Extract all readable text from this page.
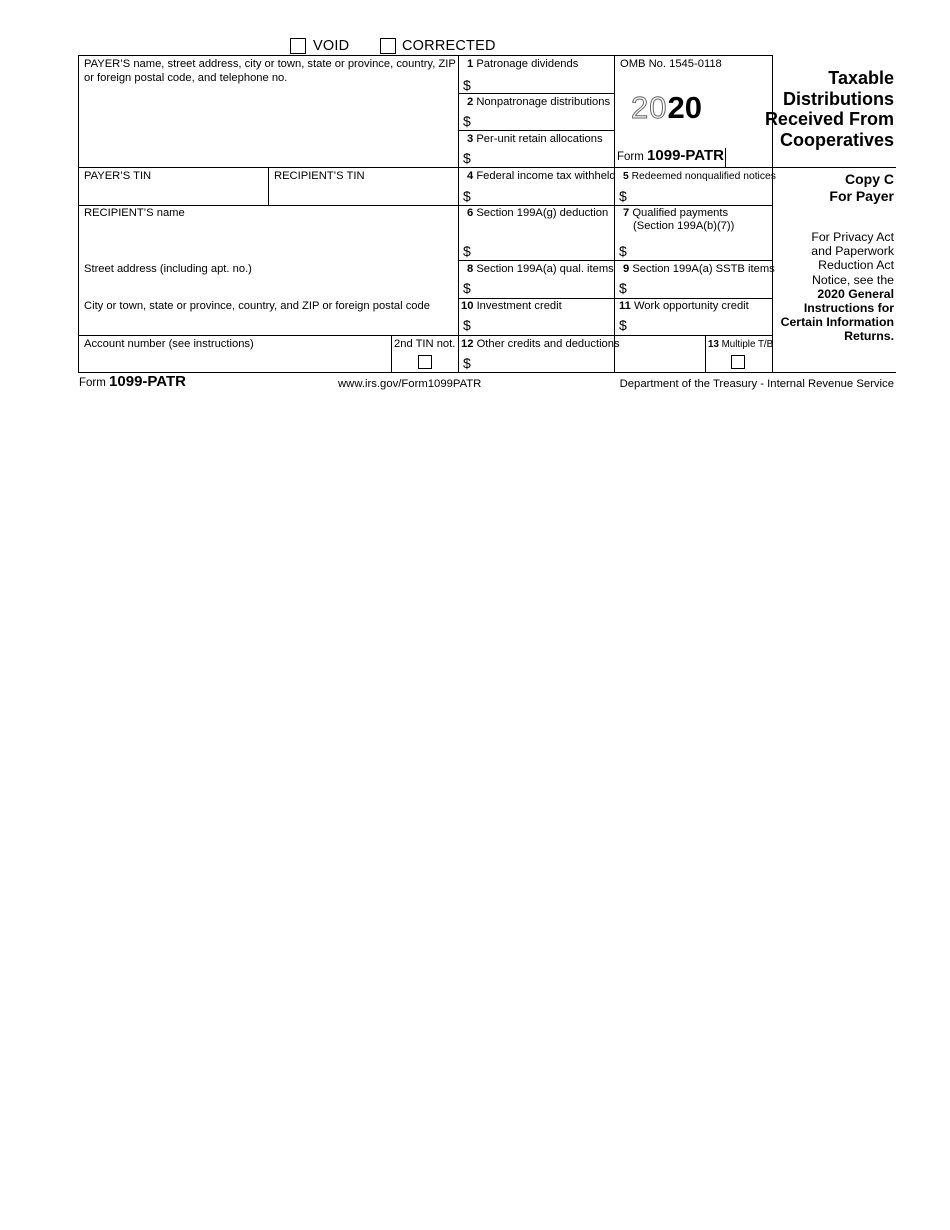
VOID	CORRECTED
PAYER’S name, street address, city or town, state or province, country, ZIP
or foreign postal code, and telephone no.
1 Patronage dividends
$
2 Nonpatronage distributions
$
3 Per-unit retain allocations
$
OMB No. 1545-0118
2020
Form 1099-PATR
Taxable
Distributions
Received From
Cooperatives
PAYER’S TIN	RECIPIENT’S TIN	4 Federal income tax withheld
$
5 Redeemed nonqualified notices
$
Copy C
For Payer
RECIPIENT’S name	6 Section 199A(g) deduction
$
7 Qualified payments
(Section 199A(b)(7))
$
For Privacy Act
and Paperwork
Reduction Act
Notice, see the
2020 General
Instructions for
Certain Information
Returns.
Street address (including apt. no.)	8 Section 199A(a) qual. items
$
9 Section 199A(a) SSTB items
$
City or town, state or province, country, and ZIP or foreign postal code	10 Investment credit
$
11 Work opportunity credit
$
Account number (see instructions)	2nd TIN not. 12 Other credits and deductions
$
13 Multiple T/B
Form 1099-PATR	www.irs.gov/Form1099PATR	Department of the Treasury - Internal Revenue Service
